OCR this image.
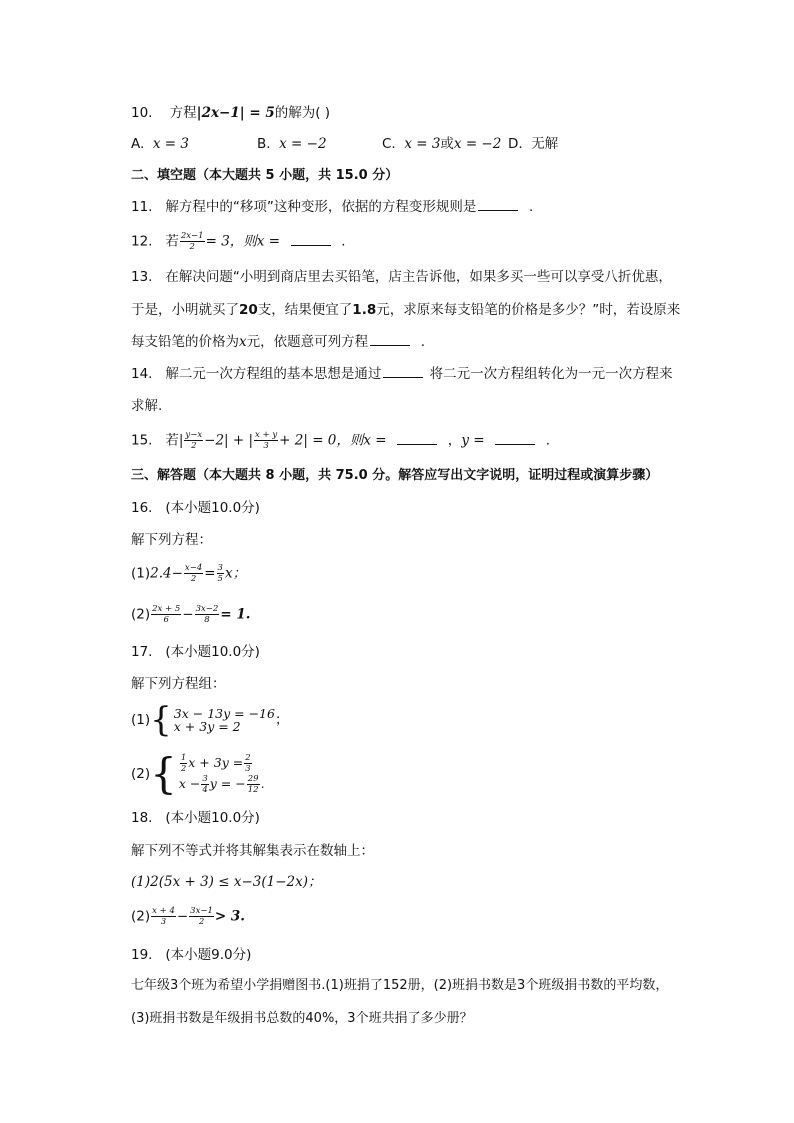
10. 方程|2x−1| = 5的解为( )
A. x = 3	B. x = −2	C. x = 3或x = −2 D. 无解
二、填空题（本大题共 5 小题，共 15.0 分）
11. 解方程中的“移项”这种变形，依据的方程变形规则是	.
12. 若 $\frac{2x-1}{2} = 3$，则x =	.
13. 在解决问题“小明到商店里去买铅笔，店主告诉他，如果多买一些可以享受八折优惠，
于是，小明就买了20支，结果便宜了1.8元，求原来每支铅笔的价格是多少？”时，若设原来
每支铅笔的价格为x元，依题意可列方程	.
14. 解二元一次方程组的基本思想是通过	将二元一次方程组转化为一元一次方程来
求解.
15. 若| $\frac{y-x}{2} -2|$ + | $\frac{x + y}{3} + 2| = 0$，则x =	，y =	.
三、解答题（本大题共 8 小题，共 75.0 分。解答应写出文字说明，证明过程或演算步骤）
16. (本小题10.0分)
解下列方程：
$(1)2.4- \frac{x-4}{2} = \frac{3}{5}$ x；
$(2) \frac{2x + 5}{6} - \frac{3x-2}{8} = 1$.
17. (本小题10.0分)
解下列方程组：
(1) { 3x − 13y = −16
x + 3y = 2	；
(2) { $\frac{1}{2}$ $x + 3y = \frac{2}{3}$
$x - \frac{3}{4}$ y = − $\frac{29}{12}$ .
18. (本小题10.0分)
解下列不等式并将其解集表示在数轴上：
(1)2(5x + 3) ≤ x−3(1−2x)；
$(2) \frac{x + 4}{3} - \frac{3x-1}{2} > 3$.
19. (本小题9.0分)
七年级3个班为希望小学捐赠图书.(1)班捐了152册，(2)班捐书数是3个班级捐书数的平均数，
(3)班捐书数是年级捐书总数的40%，3个班共捐了多少册？
